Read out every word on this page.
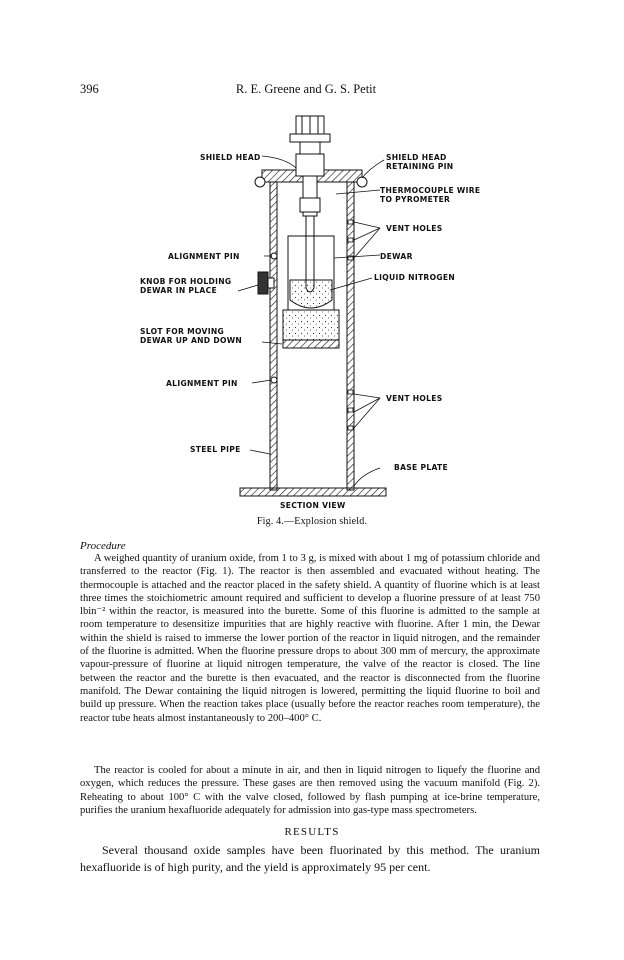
396	R. E. Greene and G. S. Petit
SHIELD HEAD	SHIELD HEAD
RETAINING PIN
THERMOCOUPLE WIRE
TO PYROMETER
VENT HOLES
ALIGNMENT PIN	DEWAR
LIQUID NITROGEN
KNOB FOR HOLDING
DEWAR IN PLACE
SLOT FOR MOVING
DEWAR UP AND DOWN
ALIGNMENT PIN
VENT HOLES
STEEL PIPE
BASE PLATE
SECTION VIEW
Fig. 4.—Explosion shield.
Procedure
A weighed quantity of uranium oxide, from 1 to 3 g, is mixed with about 1 mg of potassium chloride and transferred to the reactor (Fig. 1). The reactor is then assembled and evacuated without heating. The thermocouple is attached and the reactor placed in the safety shield. A quantity of fluorine which is at least three times the stoichiometric amount required and sufficient to develop a fluorine pressure of at least 750 lbin⁻² within the reactor, is measured into the burette. Some of this fluorine is admitted to the sample at room temperature to desensitize impurities that are highly reactive with fluorine. After 1 min, the Dewar within the shield is raised to immerse the lower portion of the reactor in liquid nitrogen, and the remainder of the fluorine is admitted. When the fluorine pressure drops to about 300 mm of mercury, the approximate vapour-pressure of fluorine at liquid nitrogen temperature, the valve of the reactor is closed. The line between the reactor and the burette is then evacuated, and the reactor is disconnected from the fluorine manifold. The Dewar containing the liquid nitrogen is lowered, permitting the liquid fluorine to boil and build up pressure. When the reaction takes place (usually before the reactor reaches room temperature), the reactor tube heats almost instantaneously to 200–400° C.
The reactor is cooled for about a minute in air, and then in liquid nitrogen to liquefy the fluorine and oxygen, which reduces the pressure. These gases are then removed using the vacuum manifold (Fig. 2). Reheating to about 100° C with the valve closed, followed by flash pumping at ice-brine temperature, purifies the uranium hexafluoride adequately for admission into gas-type mass spectrometers.
RESULTS
Several thousand oxide samples have been fluorinated by this method. The uranium hexafluoride is of high purity, and the yield is approximately 95 per cent.
